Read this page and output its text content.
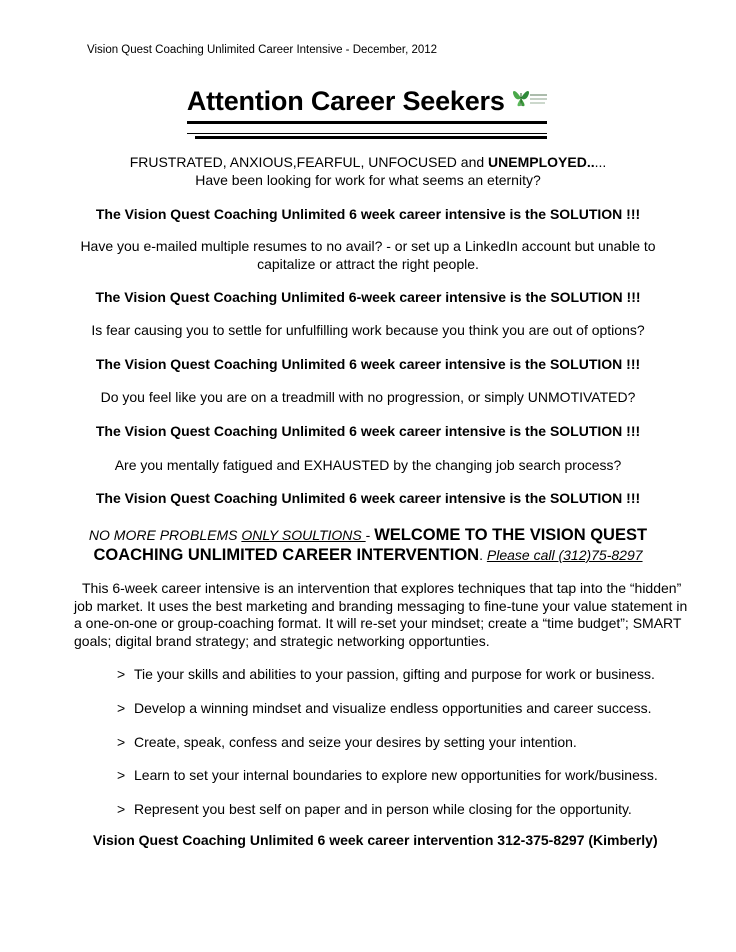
Vision Quest Coaching Unlimited Career Intensive - December, 2012
Attention Career Seekers
FRUSTRATED, ANXIOUS,FEARFUL, UNFOCUSED and UNEMPLOYED.....
Have been looking for work for what seems an eternity?
The Vision Quest Coaching Unlimited 6 week career intensive is the SOLUTION !!!
Have you e-mailed multiple resumes to no avail? - or set up a LinkedIn account but unable to
capitalize or attract the right people.
The Vision Quest Coaching Unlimited 6-week career intensive is the SOLUTION !!!
Is fear causing you to settle for unfulfilling work because you think you are out of options?
The Vision Quest Coaching Unlimited 6 week career intensive is the SOLUTION !!!
Do you feel like you are on a treadmill with no progression, or simply UNMOTIVATED?
The Vision Quest Coaching Unlimited 6 week career intensive is the SOLUTION !!!
Are you mentally fatigued and EXHAUSTED by the changing job search process?
The Vision Quest Coaching Unlimited 6 week career intensive is the SOLUTION !!!
NO MORE PROBLEMS ONLY SOULTIONS - WELCOME TO THE VISION QUEST
COACHING UNLIMITED CAREER INTERVENTION. Please call (312)75-8297
This 6-week career intensive is an intervention that explores techniques that tap into the “hidden” job market. It uses the best marketing and branding messaging to fine-tune your value statement in a one-on-one or group-coaching format. It will re-set your mindset; create a “time budget”; SMART goals; digital brand strategy; and strategic networking opportunties.
> Tie your skills and abilities to your passion, gifting and purpose for work or business.
> Develop a winning mindset and visualize endless opportunities and career success.
> Create, speak, confess and seize your desires by setting your intention.
> Learn to set your internal boundaries to explore new opportunities for work/business.
> Represent you best self on paper and in person while closing for the opportunity.
Vision Quest Coaching Unlimited 6 week career intervention 312-375-8297 (Kimberly)
